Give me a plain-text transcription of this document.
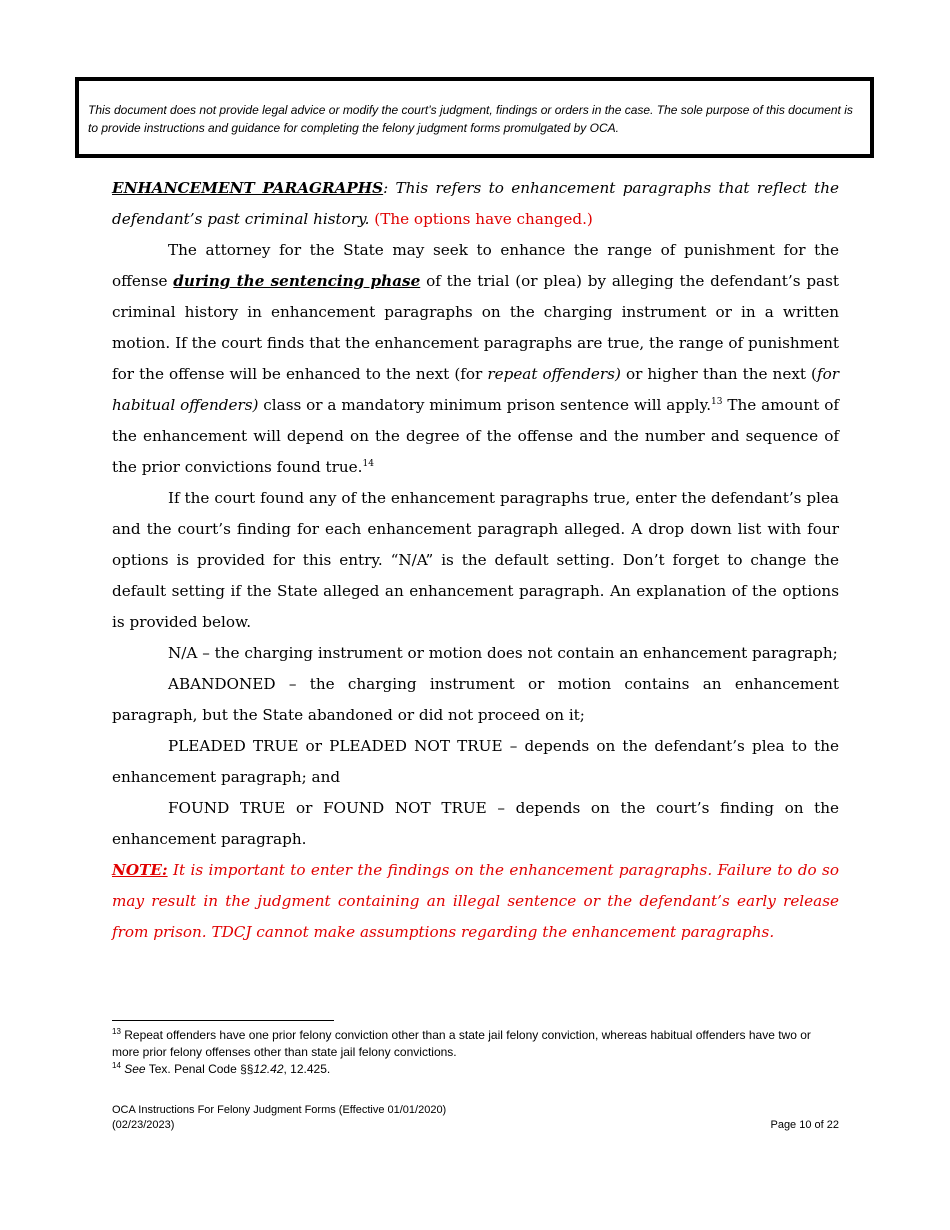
This document does not provide legal advice or modify the court’s judgment, findings or orders in the case. The sole purpose of this document is to provide instructions and guidance for completing the felony judgment forms promulgated by OCA.

ENHANCEMENT PARAGRAPHS: This refers to enhancement paragraphs that reflect the defendant’s past criminal history. (The options have changed.)

The attorney for the State may seek to enhance the range of punishment for the offense during the sentencing phase of the trial (or plea) by alleging the defendant’s past criminal history in enhancement paragraphs on the charging instrument or in a written motion. If the court finds that the enhancement paragraphs are true, the range of punishment for the offense will be enhanced to the next (for repeat offenders) or higher than the next (for habitual offenders) class or a mandatory minimum prison sentence will apply.$^{13}$ The amount of the enhancement will depend on the degree of the offense and the number and sequence of the prior convictions found true.$^{14}$

If the court found any of the enhancement paragraphs true, enter the defendant’s plea and the court’s finding for each enhancement paragraph alleged. A drop down list with four options is provided for this entry. “N/A” is the default setting. Don’t forget to change the default setting if the State alleged an enhancement paragraph. An explanation of the options is provided below.

N/A – the charging instrument or motion does not contain an enhancement paragraph;

ABANDONED – the charging instrument or motion contains an enhancement paragraph, but the State abandoned or did not proceed on it;

PLEADED TRUE or PLEADED NOT TRUE – depends on the defendant’s plea to the enhancement paragraph; and

FOUND TRUE or FOUND NOT TRUE – depends on the court’s finding on the enhancement paragraph.

NOTE: It is important to enter the findings on the enhancement paragraphs. Failure to do so may result in the judgment containing an illegal sentence or the defendant’s early release from prison. TDCJ cannot make assumptions regarding the enhancement paragraphs.

$^{13}$ Repeat offenders have one prior felony conviction other than a state jail felony conviction, whereas habitual offenders have two or more prior felony offenses other than state jail felony convictions.

$^{14}$ See Tex. Penal Code §§12.42, 12.425.

OCA Instructions For Felony Judgment Forms (Effective 01/01/2020)
(02/23/2023)	Page 10 of 22
